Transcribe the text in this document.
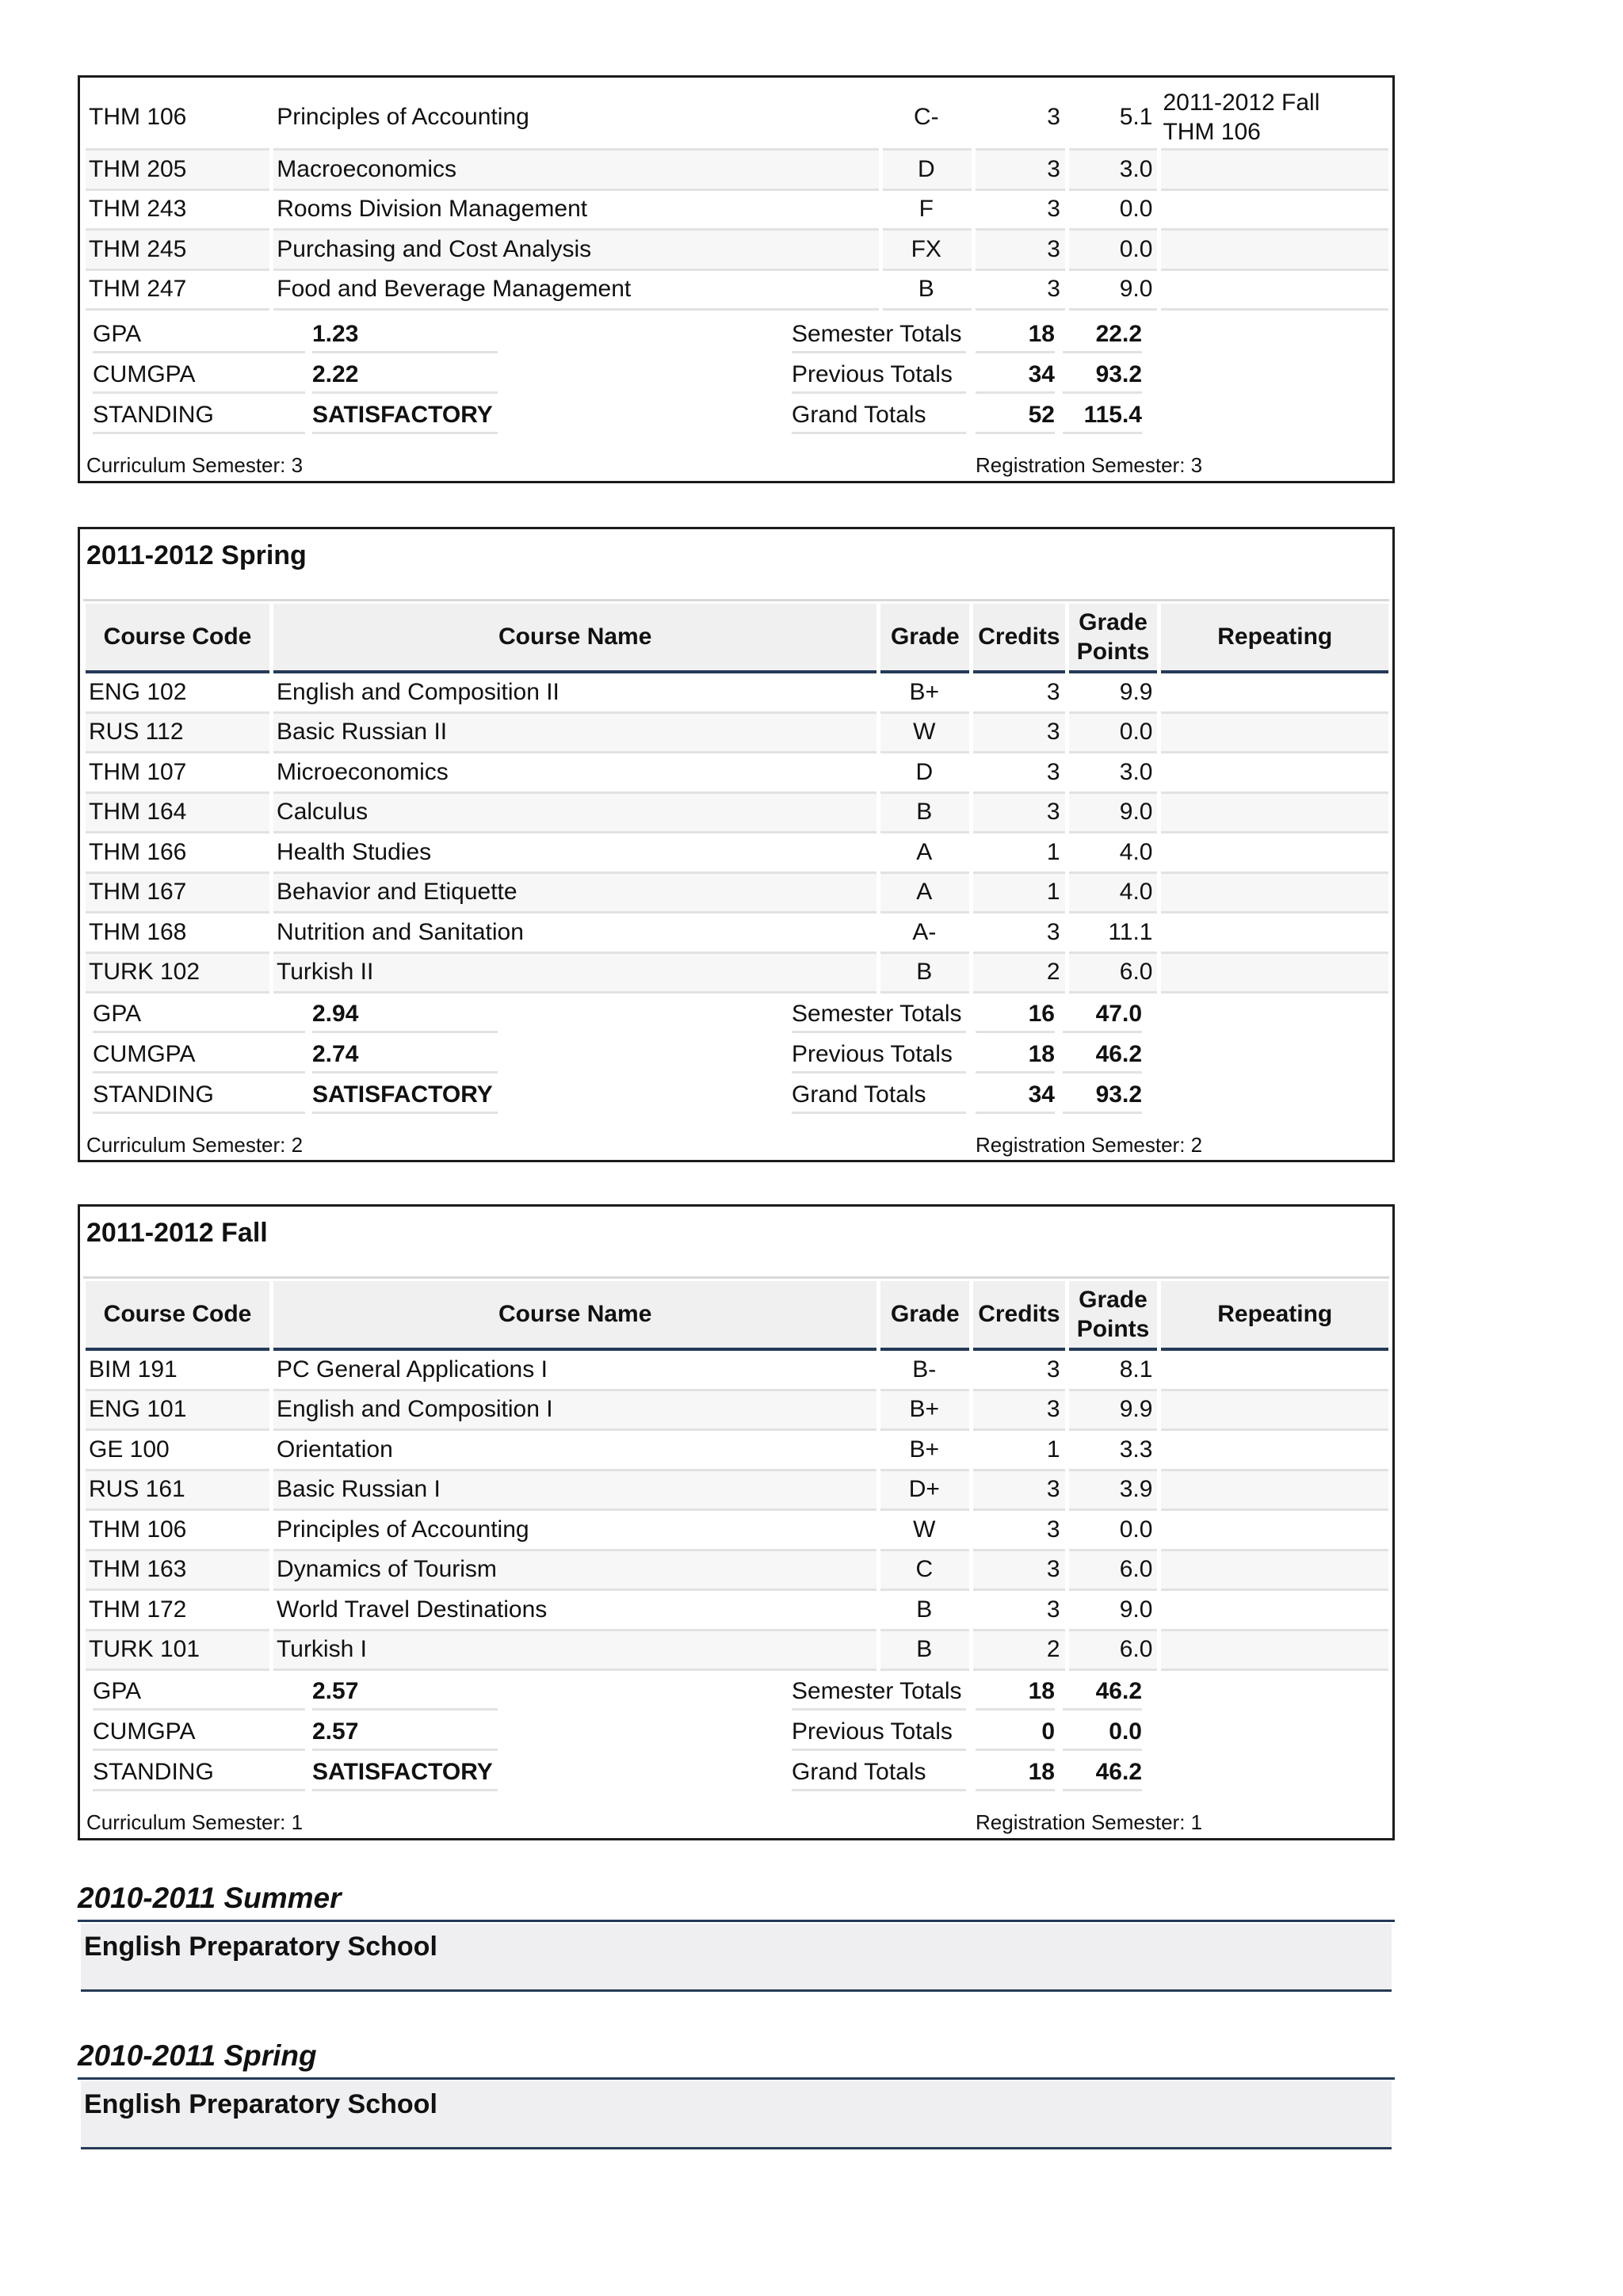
THM 106	Principles of Accounting	C-	3	5.1	2011-2012 Fall
THM 106

THM 205	Macroeconomics	D	3	3.0	
THM 243	Rooms Division Management	F	3	0.0	
THM 245	Purchasing and Cost Analysis	FX	3	0.0	
THM 247	Food and Beverage Management	B	3	9.0	
GPA	1.23
CUMGPA	2.22
STANDING	SATISFACTORY
Semester Totals	18	22.2
Previous Totals	34	93.2
Grand Totals	52	115.4
Curriculum Semester: 3	Registration Semester: 3
2011-2012 Spring
Course Code	Course Name	Grade	Credits	Grade Points	Repeating
ENG 102	English and Composition II	B+	3	9.9	
RUS 112	Basic Russian II	W	3	0.0	
THM 107	Microeconomics	D	3	3.0	
THM 164	Calculus	B	3	9.0	
THM 166	Health Studies	A	1	4.0	
THM 167	Behavior and Etiquette	A	1	4.0	
THM 168	Nutrition and Sanitation	A-	3	11.1	
TURK 102	Turkish II	B	2	6.0	
GPA	2.94
CUMGPA	2.74
STANDING	SATISFACTORY
Semester Totals	16	47.0
Previous Totals	18	46.2
Grand Totals	34	93.2
Curriculum Semester: 2	Registration Semester: 2
2011-2012 Fall
Course Code	Course Name	Grade	Credits	Grade Points	Repeating
BIM 191	PC General Applications I	B-	3	8.1	
ENG 101	English and Composition I	B+	3	9.9	
GE 100	Orientation	B+	1	3.3	
RUS 161	Basic Russian I	D+	3	3.9	
THM 106	Principles of Accounting	W	3	0.0	
THM 163	Dynamics of Tourism	C	3	6.0	
THM 172	World Travel Destinations	B	3	9.0	
TURK 101	Turkish I	B	2	6.0	
GPA	2.57
CUMGPA	2.57
STANDING	SATISFACTORY
Semester Totals	18	46.2
Previous Totals	0	0.0
Grand Totals	18	46.2
Curriculum Semester: 1	Registration Semester: 1
2010-2011 Summer
English Preparatory School
2010-2011 Spring
English Preparatory School
